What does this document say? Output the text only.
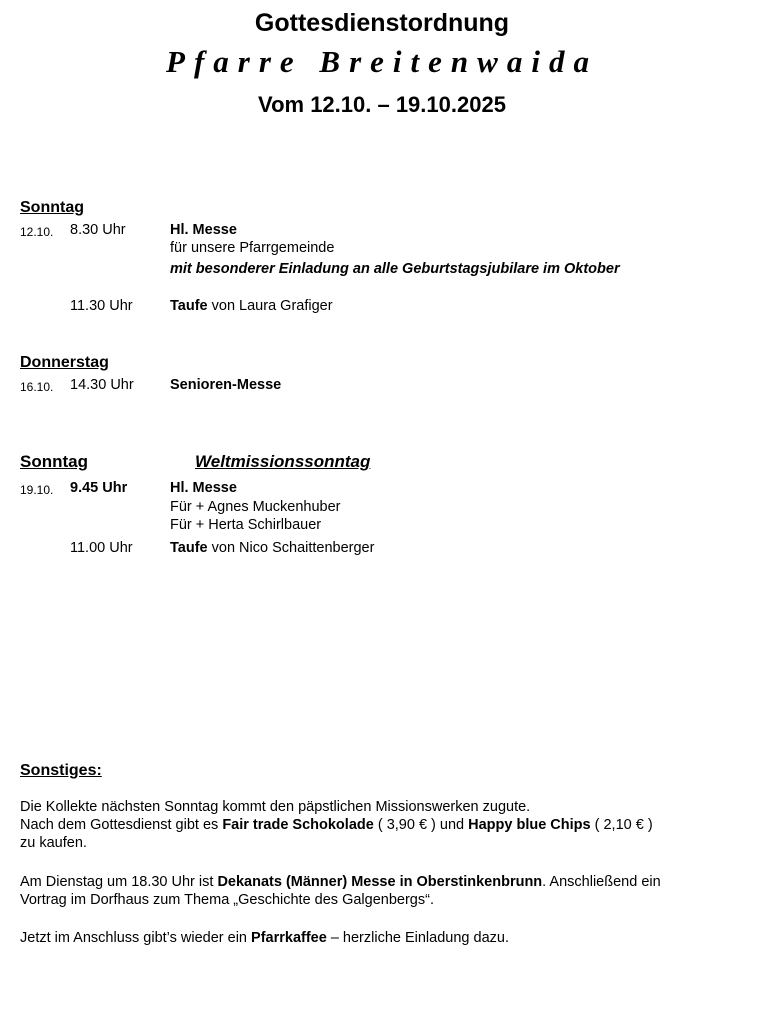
Gottesdienstordnung
Pfarre Breitenwaida
Vom 12.10. – 19.10.2025
Sonntag
12.10. 8.30 Uhr	Hl. Messe
für unsere Pfarrgemeinde
mit besonderer Einladung an alle Geburtstagsjubilare im Oktober
11.30 Uhr	Taufe von Laura Grafiger
Donnerstag
16.10. 14.30 Uhr	Senioren-Messe
Sonntag	Weltmissionssonntag
19.10. 9.45 Uhr	Hl. Messe
Für + Agnes Muckenhuber
Für + Herta Schirlbauer
11.00 Uhr	Taufe von Nico Schaittenberger
Sonstiges:
Die Kollekte nächsten Sonntag kommt den päpstlichen Missionswerken zugute.
Nach dem Gottesdienst gibt es Fair trade Schokolade ( 3,90 € ) und Happy blue Chips ( 2,10 € )
zu kaufen.
Am Dienstag um 18.30 Uhr ist Dekanats (Männer) Messe in Oberstinkenbrunn. Anschließend ein
Vortrag im Dorfhaus zum Thema „Geschichte des Galgenbergs“.
Jetzt im Anschluss gibt’s wieder ein Pfarrkaffee – herzliche Einladung dazu.
